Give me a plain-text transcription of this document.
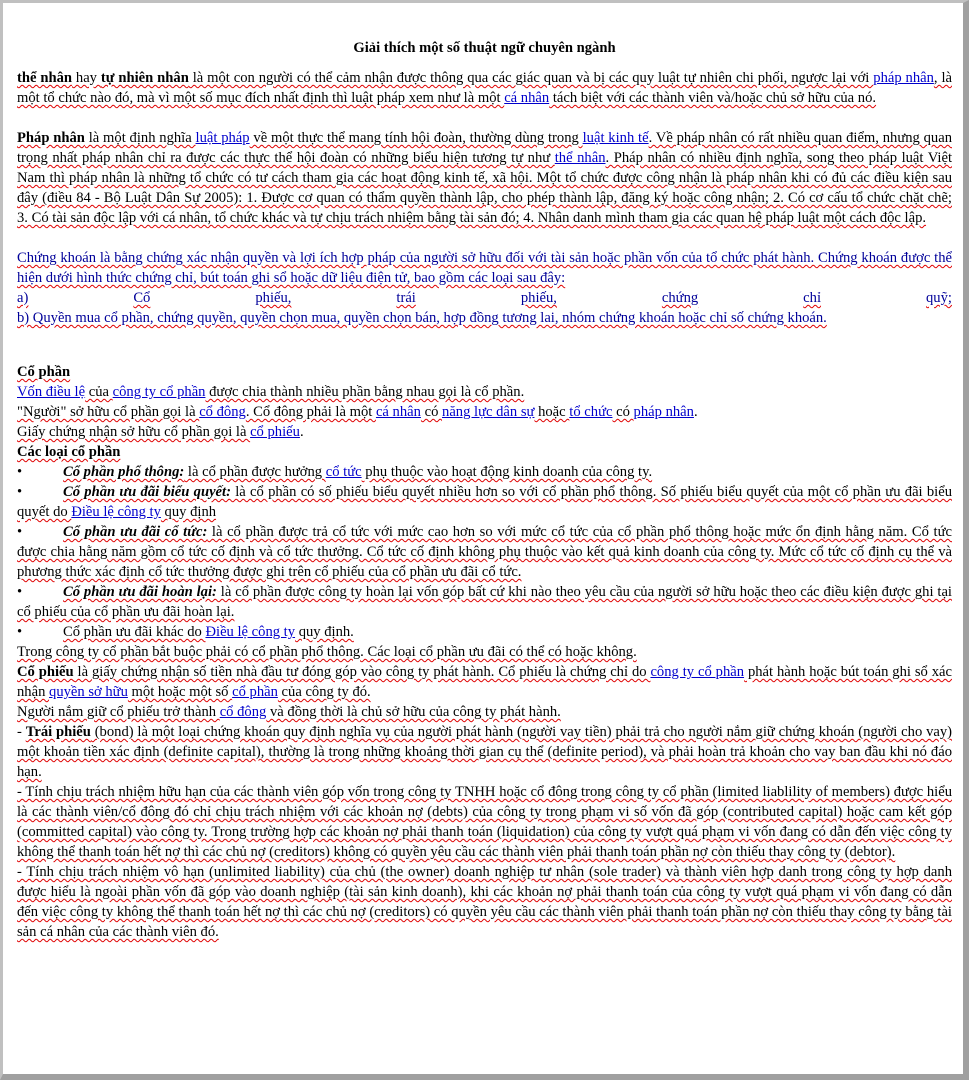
Giải thích một số thuật ngữ chuyên ngành

thể nhân hay tự nhiên nhân là một con người có thể cảm nhận được thông qua các giác quan và bị các quy luật tự nhiên chi phối, ngược lại với pháp nhân, là một tổ chức nào đó, mà vì một số mục đích nhất định thì luật pháp xem như là một cá nhân tách biệt với các thành viên và/hoặc chủ sở hữu của nó.

Pháp nhân là một định nghĩa luật pháp về một thực thể mang tính hội đoàn, thường dùng trong luật kinh tế. Về pháp nhân có rất nhiều quan điểm, nhưng quan trọng nhất pháp nhân chỉ ra được các thực thể hội đoàn có những biểu hiện tương tự như thể nhân. Pháp nhân có nhiều định nghĩa, song theo pháp luật Việt Nam thì pháp nhân là những tổ chức có tư cách tham gia các hoạt động kinh tế, xã hội. Một tổ chức được công nhận là pháp nhân khi có đủ các điều kiện sau đây (điều 84 - Bộ Luật Dân Sự 2005): 1. Được cơ quan có thẩm quyền thành lập, cho phép thành lập, đăng ký hoặc công nhận; 2. Có cơ cấu tổ chức chặt chẽ; 3. Có tài sản độc lập với cá nhân, tổ chức khác và tự chịu trách nhiệm bằng tài sản đó; 4. Nhân danh mình tham gia các quan hệ pháp luật một cách độc lập.

Chứng khoán là bằng chứng xác nhận quyền và lợi ích hợp pháp của người sở hữu đối với tài sản hoặc phần vốn của tổ chức phát hành. Chứng khoán được thể hiện dưới hình thức chứng chỉ, bút toán ghi sổ hoặc dữ liệu điện tử, bao gồm các loại sau đây:

a)	Cổ	phiếu,	trái	phiếu,	chứng	chỉ	quỹ;

b) Quyền mua cổ phần, chứng quyền, quyền chọn mua, quyền chọn bán, hợp đồng tương lai, nhóm chứng khoán hoặc chỉ số chứng khoán.

Cổ phần

Vốn điều lệ của công ty cổ phần được chia thành nhiều phần bằng nhau gọi là cổ phần.

"Người" sở hữu cổ phần gọi là cổ đông. Cổ đông phải là một cá nhân có năng lực dân sự hoặc tổ chức có pháp nhân.

Giấy chứng nhận sở hữu cổ phần gọi là cổ phiếu.

Các loại cổ phần
•	Cổ phần phổ thông: là cổ phần được hưởng cổ tức phụ thuộc vào hoạt động kinh doanh của công ty.
•	Cổ phần ưu đãi biểu quyết: là cổ phần có số phiếu biểu quyết nhiều hơn so với cổ phần phổ thông. Số phiếu biểu quyết của một cổ phần ưu đãi biểu quyết do Điều lệ công ty quy định
•	Cổ phần ưu đãi cổ tức: là cổ phần được trả cổ tức với mức cao hơn so với mức cổ tức của cổ phần phổ thông hoặc mức ổn định hằng năm. Cổ tức được chia hằng năm gồm cổ tức cố định và cổ tức thưởng. Cổ tức cố định không phụ thuộc vào kết quả kinh doanh của công ty. Mức cổ tức cố định cụ thể và phương thức xác định cổ tức thưởng được ghi trên cổ phiếu của cổ phần ưu đãi cổ tức.
•	Cổ phần ưu đãi hoàn lại: là cổ phần được công ty hoàn lại vốn góp bất cứ khi nào theo yêu cầu của người sở hữu hoặc theo các điều kiện được ghi tại cổ phiếu của cổ phần ưu đãi hoàn lại.
•	Cổ phần ưu đãi khác do Điều lệ công ty quy định.

Trong công ty cổ phần bắt buộc phải có cổ phần phổ thông. Các loại cổ phần ưu đãi có thể có hoặc không.

Cổ phiếu là giấy chứng nhận số tiền nhà đầu tư đóng góp vào công ty phát hành. Cổ phiếu là chứng chỉ do công ty cổ phần phát hành hoặc bút toán ghi sổ xác nhận quyền sở hữu một hoặc một số cổ phần của công ty đó.

Người nắm giữ cổ phiếu trở thành cổ đông và đồng thời là chủ sở hữu của công ty phát hành.

- Trái phiếu (bond) là một loại chứng khoán quy định nghĩa vụ của người phát hành (người vay tiền) phải trả cho người nắm giữ chứng khoán (người cho vay) một khoản tiền xác định (definite capital), thường là trong những khoảng thời gian cụ thể (definite period), và phải hoàn trả khoản cho vay ban đầu khi nó đáo hạn.

- Tính chịu trách nhiệm hữu hạn của các thành viên góp vốn trong công ty TNHH hoặc cổ đông trong công ty cổ phần (limited liablility of members) được hiểu là các thành viên/cổ đông đó chỉ chịu trách nhiệm với các khoản nợ (debts) của công ty trong phạm vi số vốn đã góp (contributed capital) hoặc cam kết góp (committed capital) vào công ty. Trong trường hợp các khoản nợ phải thanh toán (liquidation) của công ty vượt quá phạm vi vốn đang có dẫn đến việc công ty không thể thanh toán hết nợ thì các chủ nợ (creditors) không có quyền yêu cầu các thành viên phải thanh toán phần nợ còn thiếu thay công ty (debtor).

- Tính chịu trách nhiệm vô hạn (unlimited liability) của chủ (the owner) doanh nghiệp tư nhân (sole trader) và thành viên hợp danh trong công ty hợp danh được hiểu là ngoài phần vốn đã góp vào doanh nghiệp (tài sản kinh doanh), khi các khoản nợ phải thanh toán của công ty vượt quá phạm vi vốn đang có dẫn đến việc công ty không thể thanh toán hết nợ thì các chủ nợ (creditors) có quyền yêu cầu các thành viên phải thanh toán phần nợ còn thiếu thay công ty bằng tài sản cá nhân của các thành viên đó.
